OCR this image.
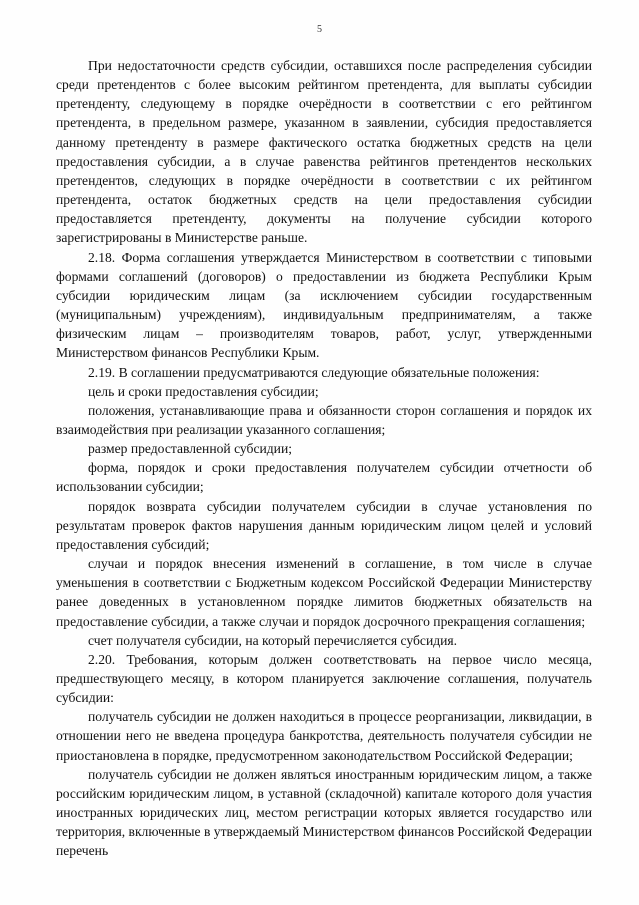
5

При недостаточности средств субсидии, оставшихся после распределения субсидии среди претендентов с более высоким рейтингом претендента, для выплаты субсидии претенденту, следующему в порядке очерёдности в соответствии с его рейтингом претендента, в предельном размере, указанном в заявлении, субсидия предоставляется данному претенденту в размере фактического остатка бюджетных средств на цели предоставления субсидии, а в случае равенства рейтингов претендентов нескольких претендентов, следующих в порядке очерёдности в соответствии с их рейтингом претендента, остаток бюджетных средств на цели предоставления субсидии предоставляется претенденту, документы на получение субсидии которого зарегистрированы в Министерстве раньше.

2.18. Форма соглашения утверждается Министерством в соответствии с типовыми формами соглашений (договоров) о предоставлении из бюджета Республики Крым субсидии юридическим лицам (за исключением субсидии государственным (муниципальным) учреждениям), индивидуальным предпринимателям, а также физическим лицам – производителям товаров, работ, услуг, утвержденными Министерством финансов Республики Крым.

2.19. В соглашении предусматриваются следующие обязательные положения:

цель и сроки предоставления субсидии;

положения, устанавливающие права и обязанности сторон соглашения и порядок их взаимодействия при реализации указанного соглашения;

размер предоставленной субсидии;

форма, порядок и сроки предоставления получателем субсидии отчетности об использовании субсидии;

порядок возврата субсидии получателем субсидии в случае установления по результатам проверок фактов нарушения данным юридическим лицом целей и условий предоставления субсидий;

случаи и порядок внесения изменений в соглашение, в том числе в случае уменьшения в соответствии с Бюджетным кодексом Российской Федерации Министерству ранее доведенных в установленном порядке лимитов бюджетных обязательств на предоставление субсидии, а также случаи и порядок досрочного прекращения соглашения;

счет получателя субсидии, на который перечисляется субсидия.

2.20. Требования, которым должен соответствовать на первое число месяца, предшествующего месяцу, в котором планируется заключение соглашения, получатель субсидии:

получатель субсидии не должен находиться в процессе реорганизации, ликвидации, в отношении него не введена процедура банкротства, деятельность получателя субсидии не приостановлена в порядке, предусмотренном законодательством Российской Федерации;

получатель субсидии не должен являться иностранным юридическим лицом, а также российским юридическим лицом, в уставной (складочной) капитале которого доля участия иностранных юридических лиц, местом регистрации которых является государство или территория, включенные в утверждаемый Министерством финансов Российской Федерации перечень
